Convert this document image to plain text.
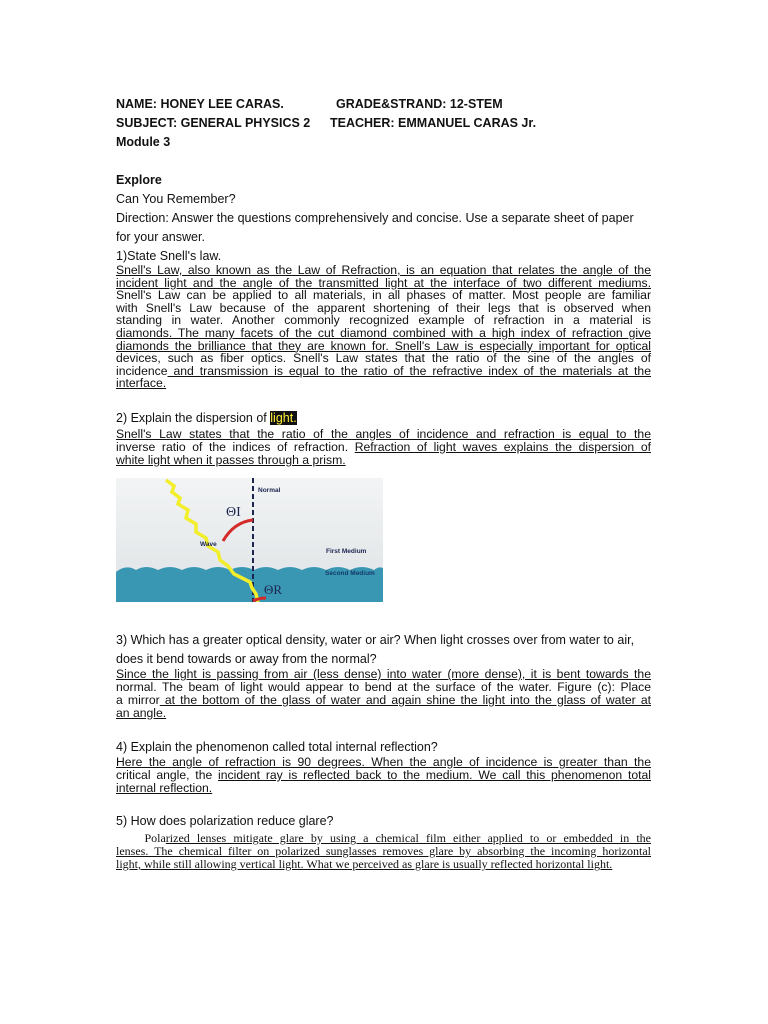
NAME: HONEY LEE CARAS.	GRADE&STRAND: 12-STEM
SUBJECT: GENERAL PHYSICS 2 TEACHER: EMMANUEL CARAS Jr.
Module 3
Explore
Can You Remember?
Direction: Answer the questions comprehensively and concise. Use a separate sheet of paper
for your answer.
1)State Snell's law.
Snell's Law, also known as the Law of Refraction, is an equation that relates the angle of the
incident light and the angle of the transmitted light at the interface of two different mediums.
Snell's Law can be applied to all materials, in all phases of matter. Most people are familiar
with Snell's Law because of the apparent shortening of their legs that is observed when
standing in water. Another commonly recognized example of refraction in a material is
diamonds. The many facets of the cut diamond combined with a high index of refraction give
diamonds the brilliance that they are known for. Snell's Law is especially important for optical
devices, such as fiber optics. Snell's Law states that the ratio of the sine of the angles of
incidence and transmission is equal to the ratio of the refractive index of the materials at the
interface.
2) Explain the dispersion of light.
Snell's Law states that the ratio of the angles of incidence and refraction is equal to the
inverse ratio of the indices of refraction. Refraction of light waves explains the dispersion of
white light when it passes through a prism.
Normal
ΘI
Wave
First Medium
Second Medium
ΘR
3) Which has a greater optical density, water or air? When light crosses over from water to air,
does it bend towards or away from the normal?
Since the light is passing from air (less dense) into water (more dense), it is bent towards the
normal. The beam of light would appear to bend at the surface of the water. Figure (c): Place
a mirror at the bottom of the glass of water and again shine the light into the glass of water at
an angle.
4) Explain the phenomenon called total internal reflection?
Here the angle of refraction is 90 degrees. When the angle of incidence is greater than the
critical angle, the incident ray is reflected back to the medium. We call this phenomenon total
internal reflection.
5) How does polarization reduce glare?
Polarized lenses mitigate glare by using a chemical film either applied to or embedded in the
lenses. The chemical filter on polarized sunglasses removes glare by absorbing the incoming horizontal
light, while still allowing vertical light. What we perceived as glare is usually reflected horizontal light.
